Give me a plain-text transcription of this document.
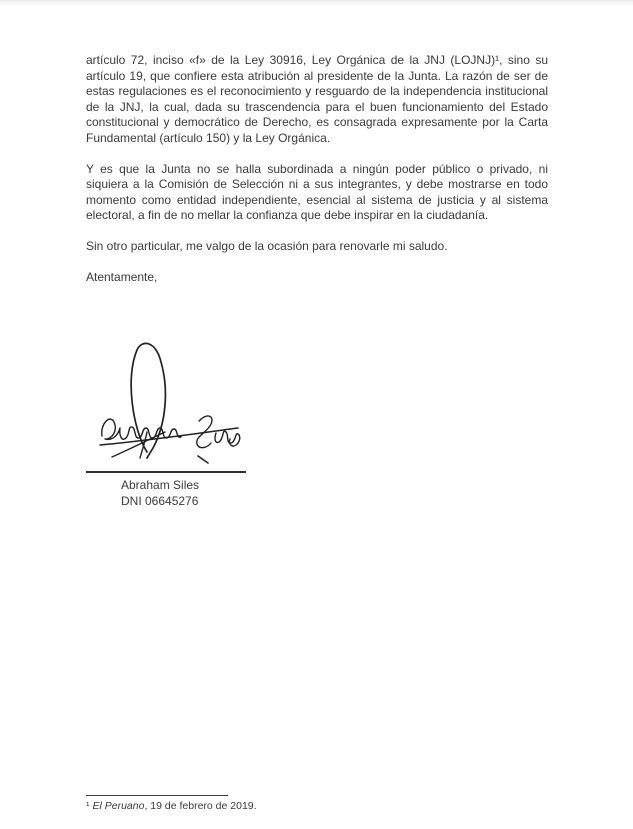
artículo 72, inciso «f» de la Ley 30916, Ley Orgánica de la JNJ (LOJNJ)¹, sino su artículo 19, que confiere esta atribución al presidente de la Junta. La razón de ser de estas regulaciones es el reconocimiento y resguardo de la independencia institucional de la JNJ, la cual, dada su trascendencia para el buen funcionamiento del Estado constitucional y democrático de Derecho, es consagrada expresamente por la Carta Fundamental (artículo 150) y la Ley Orgánica.

Y es que la Junta no se halla subordinada a ningún poder público o privado, ni siquiera a la Comisión de Selección ni a sus integrantes, y debe mostrarse en todo momento como entidad independiente, esencial al sistema de justicia y al sistema electoral, a fin de no mellar la confianza que debe inspirar en la ciudadanía.

Sin otro particular, me valgo de la ocasión para renovarle mi saludo.

Atentamente,

Abraham Siles
DNI 06645276
¹ El Peruano, 19 de febrero de 2019.
